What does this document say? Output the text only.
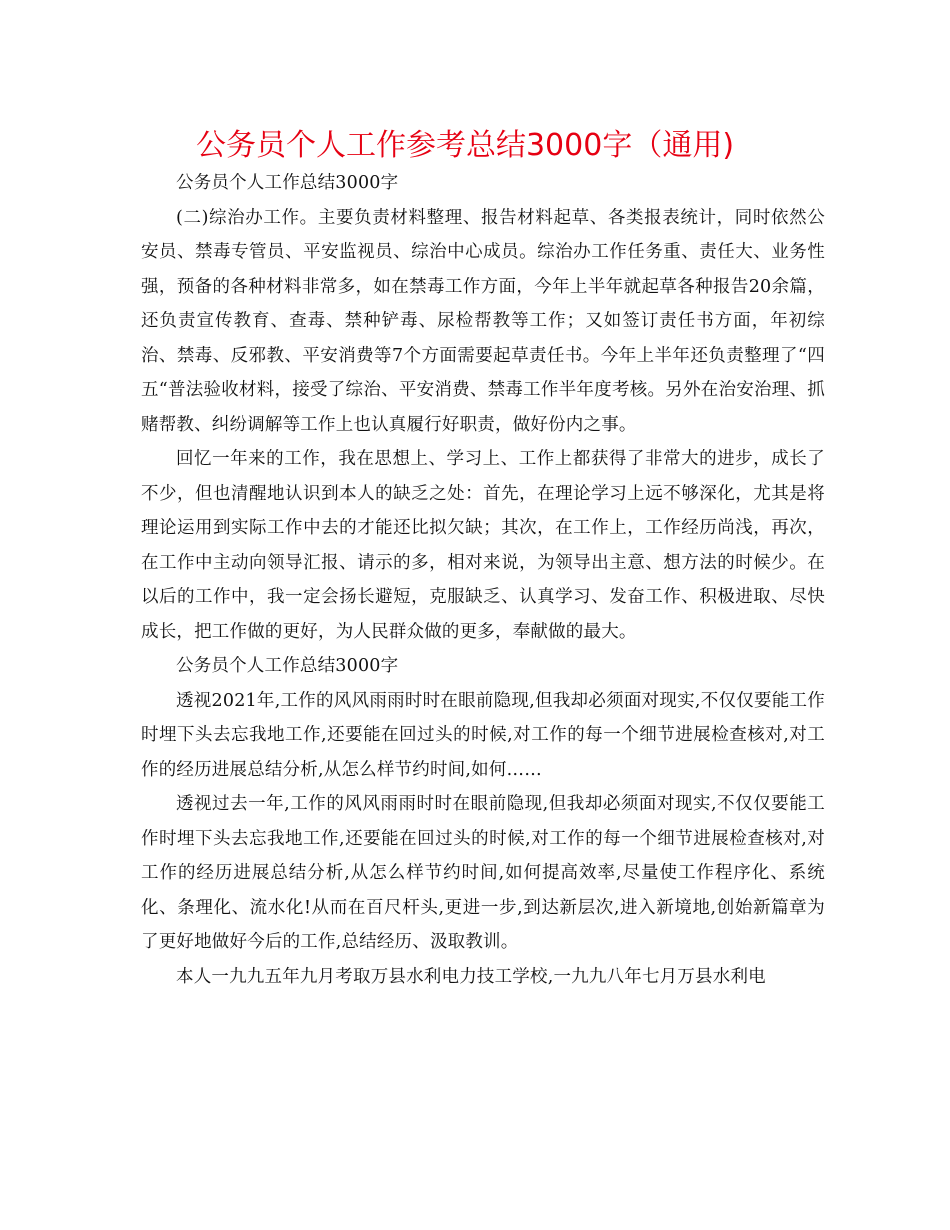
公务员个人工作参考总结3000字（通用)

公务员个人工作总结3000字

(二)综治办工作。主要负责材料整理、报告材料起草、各类报表统计，同时依然公安员、禁毒专管员、平安监视员、综治中心成员。综治办工作任务重、责任大、业务性强，预备的各种材料非常多，如在禁毒工作方面，今年上半年就起草各种报告20余篇，还负责宣传教育、查毒、禁种铲毒、尿检帮教等工作；又如签订责任书方面，年初综治、禁毒、反邪教、平安消费等7个方面需要起草责任书。今年上半年还负责整理了“四五“普法验收材料，接受了综治、平安消费、禁毒工作半年度考核。另外在治安治理、抓赌帮教、纠纷调解等工作上也认真履行好职责，做好份内之事。

回忆一年来的工作，我在思想上、学习上、工作上都获得了非常大的进步，成长了不少，但也清醒地认识到本人的缺乏之处：首先，在理论学习上远不够深化，尤其是将理论运用到实际工作中去的才能还比拟欠缺；其次，在工作上，工作经历尚浅，再次，在工作中主动向领导汇报、请示的多，相对来说，为领导出主意、想方法的时候少。在以后的工作中，我一定会扬长避短，克服缺乏、认真学习、发奋工作、积极进取、尽快成长，把工作做的更好，为人民群众做的更多，奉献做的最大。

公务员个人工作总结3000字

透视2021年,工作的风风雨雨时时在眼前隐现,但我却必须面对现实,不仅仅要能工作时埋下头去忘我地工作,还要能在回过头的时候,对工作的每一个细节进展检查核对,对工作的经历进展总结分析,从怎么样节约时间,如何……

透视过去一年,工作的风风雨雨时时在眼前隐现,但我却必须面对现实,不仅仅要能工作时埋下头去忘我地工作,还要能在回过头的时候,对工作的每一个细节进展检查核对,对工作的经历进展总结分析,从怎么样节约时间,如何提高效率,尽量使工作程序化、系统化、条理化、流水化!从而在百尺杆头,更进一步,到达新层次,进入新境地,创始新篇章为了更好地做好今后的工作,总结经历、汲取教训。

本人一九九五年九月考取万县水利电力技工学校,一九九八年七月万县水利电
